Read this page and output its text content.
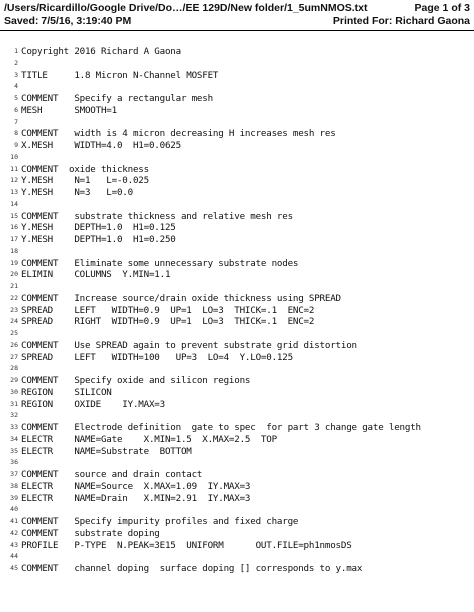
/Users/Ricardillo/Google Drive/Do…/EE 129D/New folder/1_5umNMOS.txt	Page 1 of 3
Saved: 7/5/16, 3:19:40 PM	Printed For: Richard Gaona
1 Copyright 2016 Richard A Gaona
2
3 TITLE     1.8 Micron N-Channel MOSFET
4
5 COMMENT   Specify a rectangular mesh
6 MESH      SMOOTH=1
7
8 COMMENT   width is 4 micron decreasing H increases mesh res
9 X.MESH    WIDTH=4.0  H1=0.0625
10
11 COMMENT  oxide thickness
12 Y.MESH    N=1   L=-0.025
13 Y.MESH    N=3   L=0.0
14
15 COMMENT   substrate thickness and relative mesh res
16 Y.MESH    DEPTH=1.0  H1=0.125
17 Y.MESH    DEPTH=1.0  H1=0.250
18
19 COMMENT   Eliminate some unnecessary substrate nodes
20 ELIMIN    COLUMNS  Y.MIN=1.1
21
22 COMMENT   Increase source/drain oxide thickness using SPREAD
23 SPREAD    LEFT   WIDTH=0.9  UP=1  LO=3  THICK=.1  ENC=2
24 SPREAD    RIGHT  WIDTH=0.9  UP=1  LO=3  THICK=.1  ENC=2
25
26 COMMENT   Use SPREAD again to prevent substrate grid distortion
27 SPREAD    LEFT   WIDTH=100   UP=3  LO=4  Y.LO=0.125
28
29 COMMENT   Specify oxide and silicon regions
30 REGION    SILICON
31 REGION    OXIDE    IY.MAX=3
32
33 COMMENT   Electrode definition  gate to spec  for part 3 change gate length
34 ELECTR    NAME=Gate    X.MIN=1.5  X.MAX=2.5  TOP
35 ELECTR    NAME=Substrate  BOTTOM
36
37 COMMENT   source and drain contact
38 ELECTR    NAME=Source  X.MAX=1.09  IY.MAX=3
39 ELECTR    NAME=Drain   X.MIN=2.91  IY.MAX=3
40
41 COMMENT   Specify impurity profiles and fixed charge
42 COMMENT   substrate doping
43 PROFILE   P-TYPE  N.PEAK=3E15  UNIFORM      OUT.FILE=ph1nmosDS
44
45 COMMENT   channel doping  surface doping [] corresponds to y.max
